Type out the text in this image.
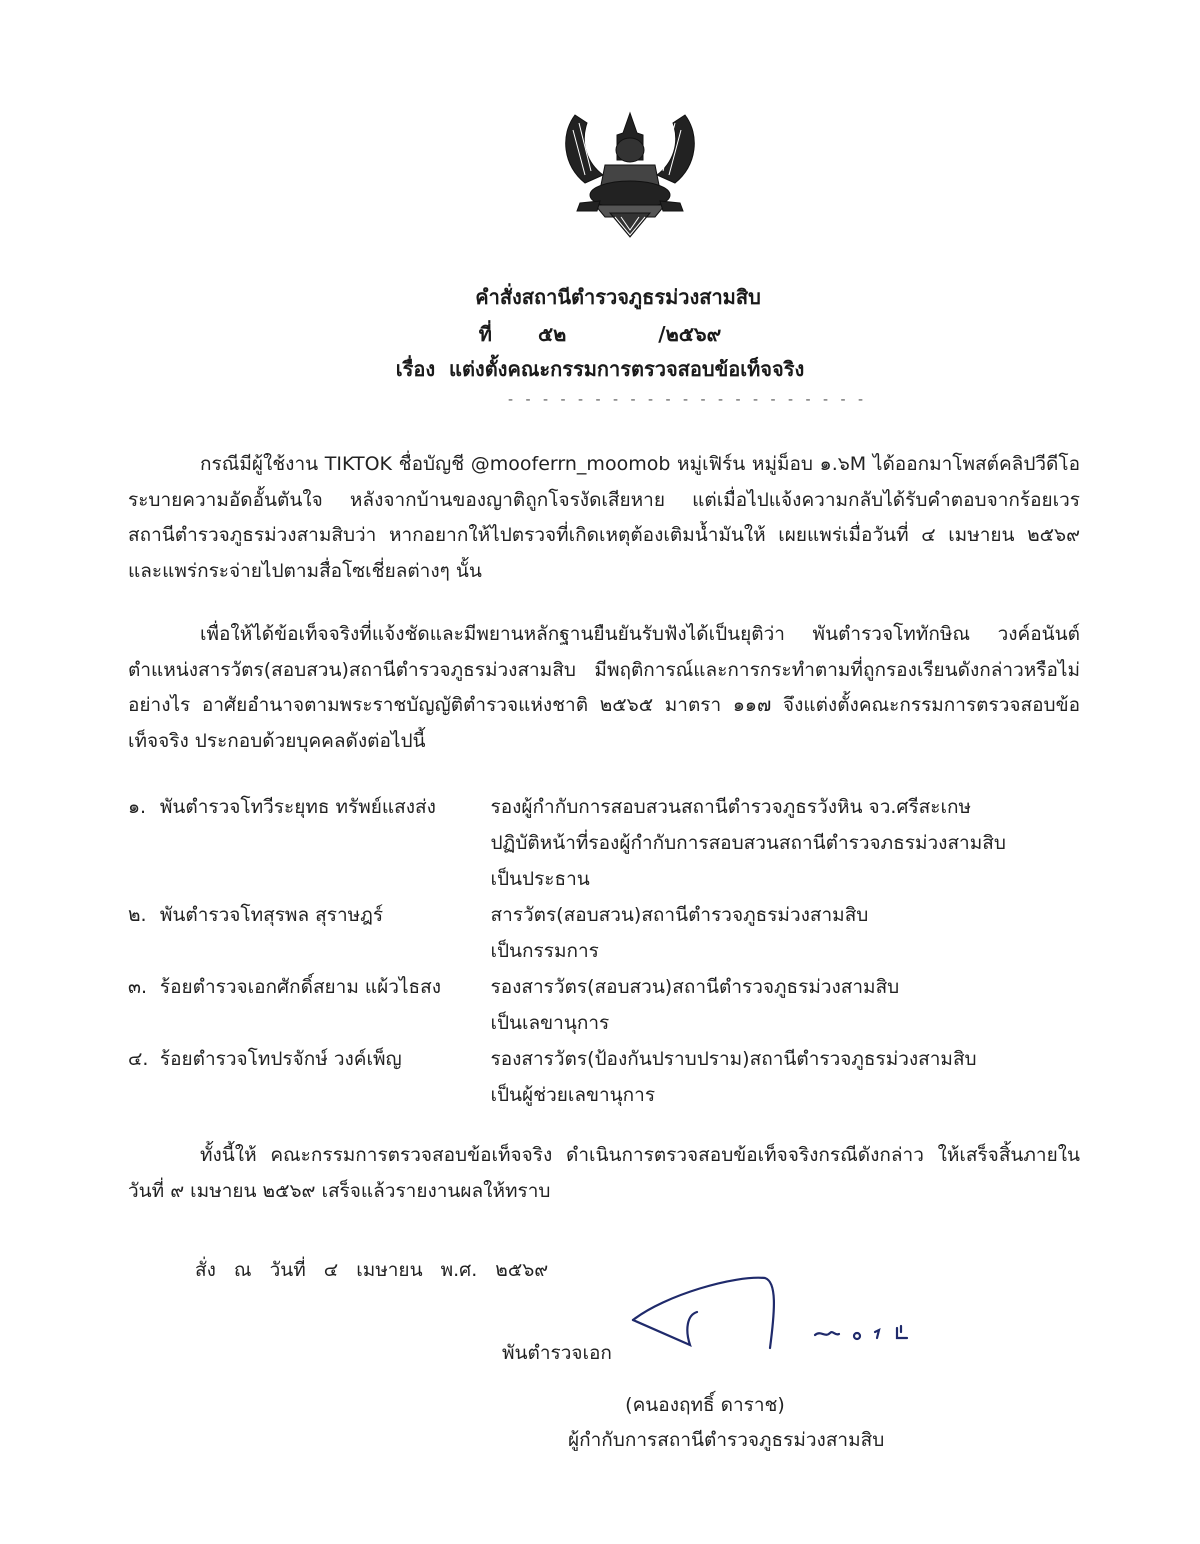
คำสั่งสถานีตำรวจภูธรม่วงสามสิบ
ที่ ๕๒	/๒๕๖๙
เรื่อง แต่งตั้งคณะกรรมการตรวจสอบข้อเท็จจริง
- - - - - - - - - - - - - - - - - - - - -
กรณีมีผู้ใช้งาน TIKTOK ชื่อบัญชี @mooferrn_moomob หมู่เฟิร์น หมู่ม็อบ ๑.๖M ได้ออกมาโพสต์คลิปวีดีโอระบายความอัดอั้นตันใจ หลังจากบ้านของญาติถูกโจรงัดเสียหาย แต่เมื่อไปแจ้งความกลับได้รับคำตอบจากร้อยเวร สถานีตำรวจภูธรม่วงสามสิบว่า หากอยากให้ไปตรวจที่เกิดเหตุต้องเติมน้ำมันให้ เผยแพร่เมื่อวันที่ ๔ เมษายน ๒๕๖๙ และแพร่กระจ่ายไปตามสื่อโซเชี่ยลต่างๆ นั้น
เพื่อให้ได้ข้อเท็จจริงที่แจ้งชัดและมีพยานหลักฐานยืนยันรับฟังได้เป็นยุติว่า พันตำรวจโททักษิณ วงค์อนันต์ ตำแหน่งสารวัตร(สอบสวน)สถานีตำรวจภูธรม่วงสามสิบ มีพฤติการณ์และการกระทำตามที่ถูกรองเรียนดังกล่าวหรือไม่ อย่างไร อาศัยอำนาจตามพระราชบัญญัติตำรวจแห่งชาติ ๒๕๖๕ มาตรา ๑๑๗ จึงแต่งตั้งคณะกรรมการตรวจสอบข้อเท็จจริง ประกอบด้วยบุคคลดังต่อไปนี้
๑. พันตำรวจโทวีระยุทธ ทรัพย์แสงส่ง	รองผู้กำกับการสอบสวนสถานีตำรวจภูธรวังหิน จว.ศรีสะเกษ
ปฏิบัติหน้าที่รองผู้กำกับการสอบสวนสถานีตำรวจภธรม่วงสามสิบ
เป็นประธาน
๒. พันตำรวจโทสุรพล สุราษฎร์	สารวัตร(สอบสวน)สถานีตำรวจภูธรม่วงสามสิบ
เป็นกรรมการ
๓. ร้อยตำรวจเอกศักดิ์สยาม แผ้วไธสง	รองสารวัตร(สอบสวน)สถานีตำรวจภูธรม่วงสามสิบ
เป็นเลขานุการ
๔. ร้อยตำรวจโทปรจักษ์ วงค์เพ็ญ	รองสารวัตร(ป้องกันปราบปราม)สถานีตำรวจภูธรม่วงสามสิบ
เป็นผู้ช่วยเลขานุการ
ทั้งนี้ให้ คณะกรรมการตรวจสอบข้อเท็จจริง ดำเนินการตรวจสอบข้อเท็จจริงกรณีดังกล่าว ให้เสร็จสิ้นภายในวันที่ ๙ เมษายน ๒๕๖๙ เสร็จแล้วรายงานผลให้ทราบ
สั่ง ณ วันที่ ๔ เมษายน พ.ศ. ๒๕๖๙
พันตำรวจเอก
(คนองฤทธิ์ ดาราช)
ผู้กำกับการสถานีตำรวจภูธรม่วงสามสิบ
